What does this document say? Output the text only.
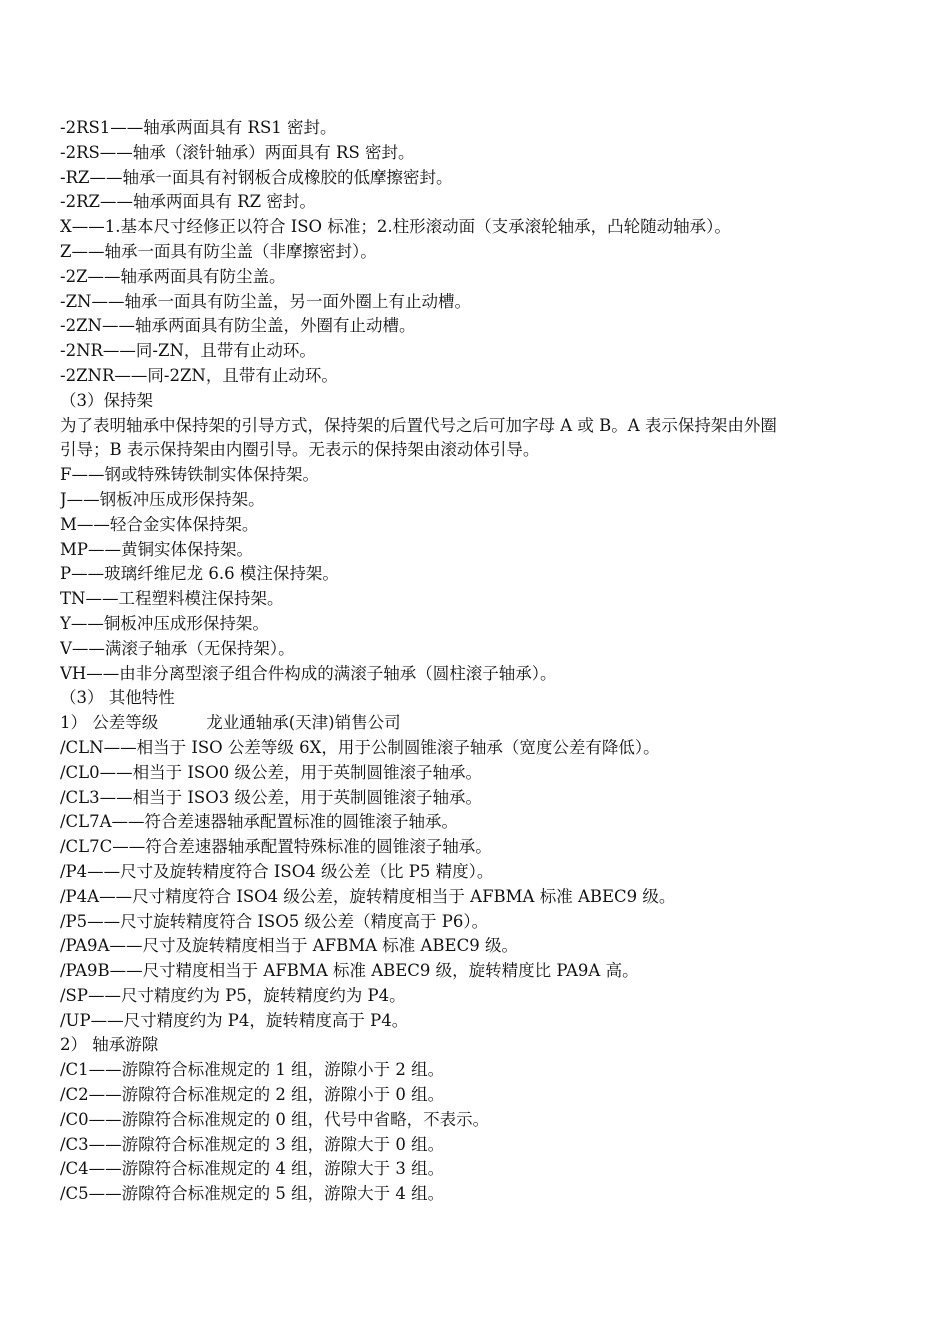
-2RS1——轴承两面具有 RS1 密封。
-2RS——轴承（滚针轴承）两面具有 RS 密封。
-RZ——轴承一面具有衬钢板合成橡胶的低摩擦密封。
-2RZ——轴承两面具有 RZ 密封。
X——1.基本尺寸经修正以符合 ISO 标准；2.柱形滚动面（支承滚轮轴承，凸轮随动轴承）。
Z——轴承一面具有防尘盖（非摩擦密封）。
-2Z——轴承两面具有防尘盖。
-ZN——轴承一面具有防尘盖，另一面外圈上有止动槽。
-2ZN——轴承两面具有防尘盖，外圈有止动槽。
-2NR——同-ZN，且带有止动环。
-2ZNR——同-2ZN，且带有止动环。
（3）保持架
为了表明轴承中保持架的引导方式，保持架的后置代号之后可加字母 A 或 B。A 表示保持架由外圈
引导；B 表示保持架由内圈引导。无表示的保持架由滚动体引导。
F——钢或特殊铸铁制实体保持架。
J——钢板冲压成形保持架。
M——轻合金实体保持架。
MP——黄铜实体保持架。
P——玻璃纤维尼龙 6.6 模注保持架。
TN——工程塑料模注保持架。
Y——铜板冲压成形保持架。
V——满滚子轴承（无保持架）。
VH——由非分离型滚子组合件构成的满滚子轴承（圆柱滚子轴承）。
（3） 其他特性
1） 公差等级	龙业通轴承(天津)销售公司
/CLN——相当于 ISO 公差等级 6X，用于公制圆锥滚子轴承（宽度公差有降低）。
/CL0——相当于 ISO0 级公差，用于英制圆锥滚子轴承。
/CL3——相当于 ISO3 级公差，用于英制圆锥滚子轴承。
/CL7A——符合差速器轴承配置标准的圆锥滚子轴承。
/CL7C——符合差速器轴承配置特殊标准的圆锥滚子轴承。
/P4——尺寸及旋转精度符合 ISO4 级公差（比 P5 精度）。
/P4A——尺寸精度符合 ISO4 级公差，旋转精度相当于 AFBMA 标准 ABEC9 级。
/P5——尺寸旋转精度符合 ISO5 级公差（精度高于 P6）。
/PA9A——尺寸及旋转精度相当于 AFBMA 标准 ABEC9 级。
/PA9B——尺寸精度相当于 AFBMA 标准 ABEC9 级，旋转精度比 PA9A 高。
/SP——尺寸精度约为 P5，旋转精度约为 P4。
/UP——尺寸精度约为 P4，旋转精度高于 P4。
2） 轴承游隙
/C1——游隙符合标准规定的 1 组，游隙小于 2 组。
/C2——游隙符合标准规定的 2 组，游隙小于 0 组。
/C0——游隙符合标准规定的 0 组，代号中省略，不表示。
/C3——游隙符合标准规定的 3 组，游隙大于 0 组。
/C4——游隙符合标准规定的 4 组，游隙大于 3 组。
/C5——游隙符合标准规定的 5 组，游隙大于 4 组。
